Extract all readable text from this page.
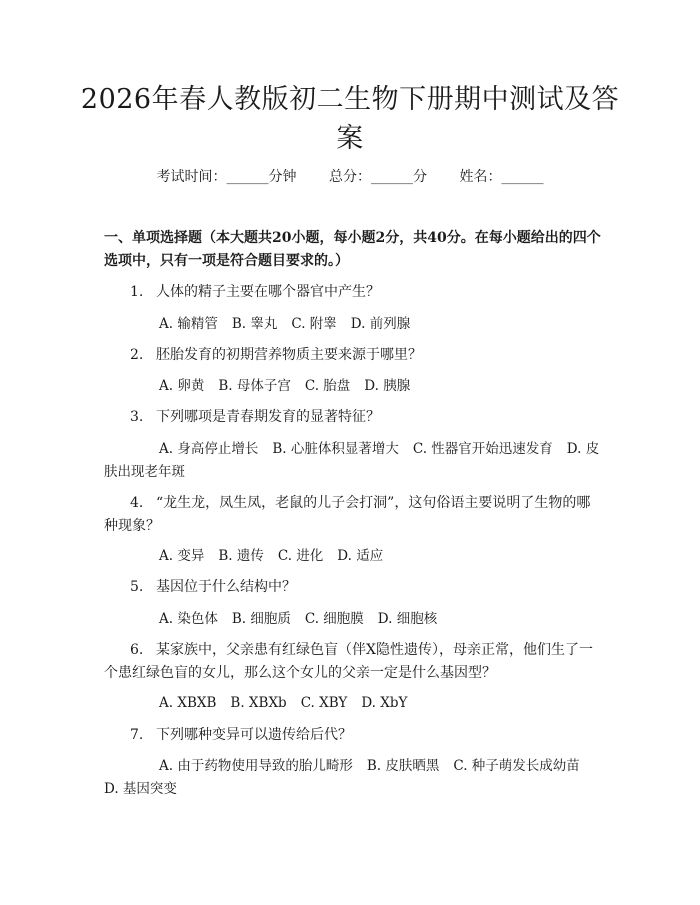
2026年春人教版初二生物下册期中测试及答案
考试时间：______分钟 总分：______分 姓名：______
一、单项选择题（本大题共20小题，每小题2分，共40分。在每小题给出的四个选项中，只有一项是符合题目要求的。）
1. 人体的精子主要在哪个器官中产生？
A. 输精管 B. 睾丸 C. 附睾 D. 前列腺
2. 胚胎发育的初期营养物质主要来源于哪里？
A. 卵黄 B. 母体子宫 C. 胎盘 D. 胰腺
3. 下列哪项是青春期发育的显著特征？
A. 身高停止增长 B. 心脏体积显著增大 C. 性器官开始迅速发育 D. 皮肤出现老年斑
4. “龙生龙，凤生凤，老鼠的儿子会打洞”，这句俗语主要说明了生物的哪种现象？
A. 变异 B. 遗传 C. 进化 D. 适应
5. 基因位于什么结构中？
A. 染色体 B. 细胞质 C. 细胞膜 D. 细胞核
6. 某家族中，父亲患有红绿色盲（伴X隐性遗传），母亲正常，他们生了一个患红绿色盲的女儿，那么这个女儿的父亲一定是什么基因型？
A. XBXB B. XBXb C. XBY D. XbY
7. 下列哪种变异可以遗传给后代？
A. 由于药物使用导致的胎儿畸形 B. 皮肤晒黑 C. 种子萌发长成幼苗D. 基因突变
